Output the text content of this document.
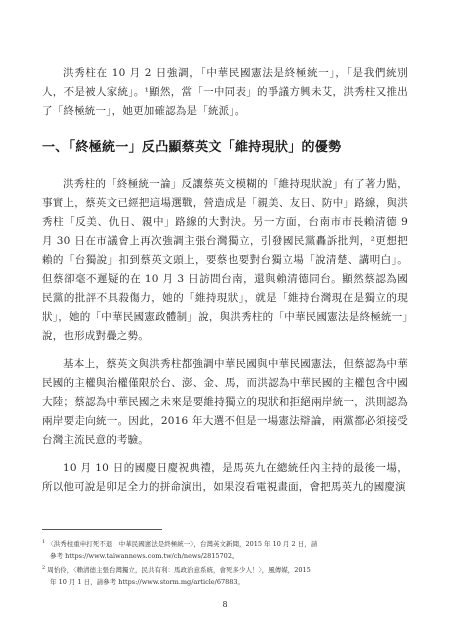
洪秀柱在 10 月 2 日強調，「中華民國憲法是終極統一」，「是我們統別人，不是被人家統」。¹顯然，當「一中同表」的爭議方興未艾，洪秀柱又推出了「終極統一」，她更加確認為是「統派」。

一、「終極統一」反凸顯蔡英文「維持現狀」的優勢

洪秀柱的「終極統一論」反讓蔡英文模糊的「維持現狀說」有了著力點，事實上，蔡英文已經把這場選戰，營造成是「親美、友日、防中」路線，與洪秀柱「反美、仇日、親中」路線的大對決。另一方面，台南市市長賴清德 9 月 30 日在市議會上再次強調主張台灣獨立，引發國民黨轟訴批判，²更想把賴的「台獨說」扣到蔡英文頭上，要蔡也要對台獨立場「說清楚、講明白」。但蔡卻毫不遲疑的在 10 月 3 日訪問台南，還與賴清德同台。顯然蔡認為國民黨的批評不具殺傷力，她的「維持現狀」，就是「維持台灣現在是獨立的現狀」，她的「中華民國憲政體制」說，與洪秀柱的「中華民國憲法是終極統一」說，也形成對疊之勢。

基本上，蔡英文與洪秀柱都強調中華民國與中華民國憲法，但蔡認為中華民國的主權與治權僅限於台、澎、金、馬，而洪認為中華民國的主權包含中國大陸；蔡認為中華民國之未來是要維持獨立的現狀和拒絕兩岸統一，洪則認為兩岸要走向統一。因此，2016 年大選不但是一場憲法辯論，兩黨都必須接受台灣主流民意的考驗。

10 月 10 日的國慶日慶祝典禮，是馬英九在總統任內主持的最後一場，所以他可說是卯足全力的拼命演出，如果沒看電視畫面，會把馬英九的國慶演

$^1$ 〈洪秀柱重申打死不退　中華民國憲法是終極統一〉，台灣英文新聞，2015 年 10 月 2 日，請
參考 https://www.taiwannews.com.tw/ch/news/2815702。
$^2$ 周怡伶，〈賴清德主張台灣獨立，民共有利：馬政治意系統，會死多少人！〉，風傳媒，2015
年 10 月 1 日，請參考 https://www.storm.mg/article/67883。
8
